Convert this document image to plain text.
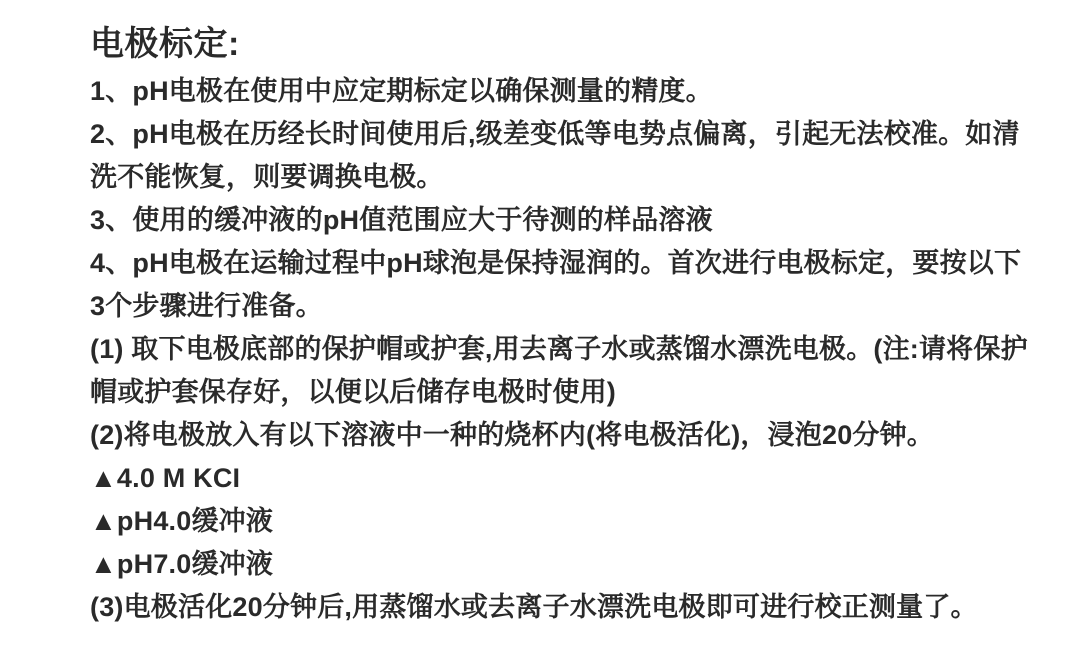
电极标定:
1、pH电极在使用中应定期标定以确保测量的精度。
2、pH电极在历经长时间使用后,级差变低等电势点偏离，引起无法校准。如清
洗不能恢复，则要调换电极。
3、使用的缓冲液的pH值范围应大于待测的样品溶液
4、pH电极在运输过程中pH球泡是保持湿润的。首次进行电极标定，要按以下
3个步骤进行准备。
(1) 取下电极底部的保护帽或护套,用去离子水或蒸馏水漂洗电极。(注:请将保护
帽或护套保存好，以便以后储存电极时使用)
(2)将电极放入有以下溶液中一种的烧杯内(将电极活化)，浸泡20分钟。
▲4.0 M KCI
▲pH4.0缓冲液
▲pH7.0缓冲液
(3)电极活化20分钟后,用蒸馏水或去离子水漂洗电极即可进行校正测量了。
